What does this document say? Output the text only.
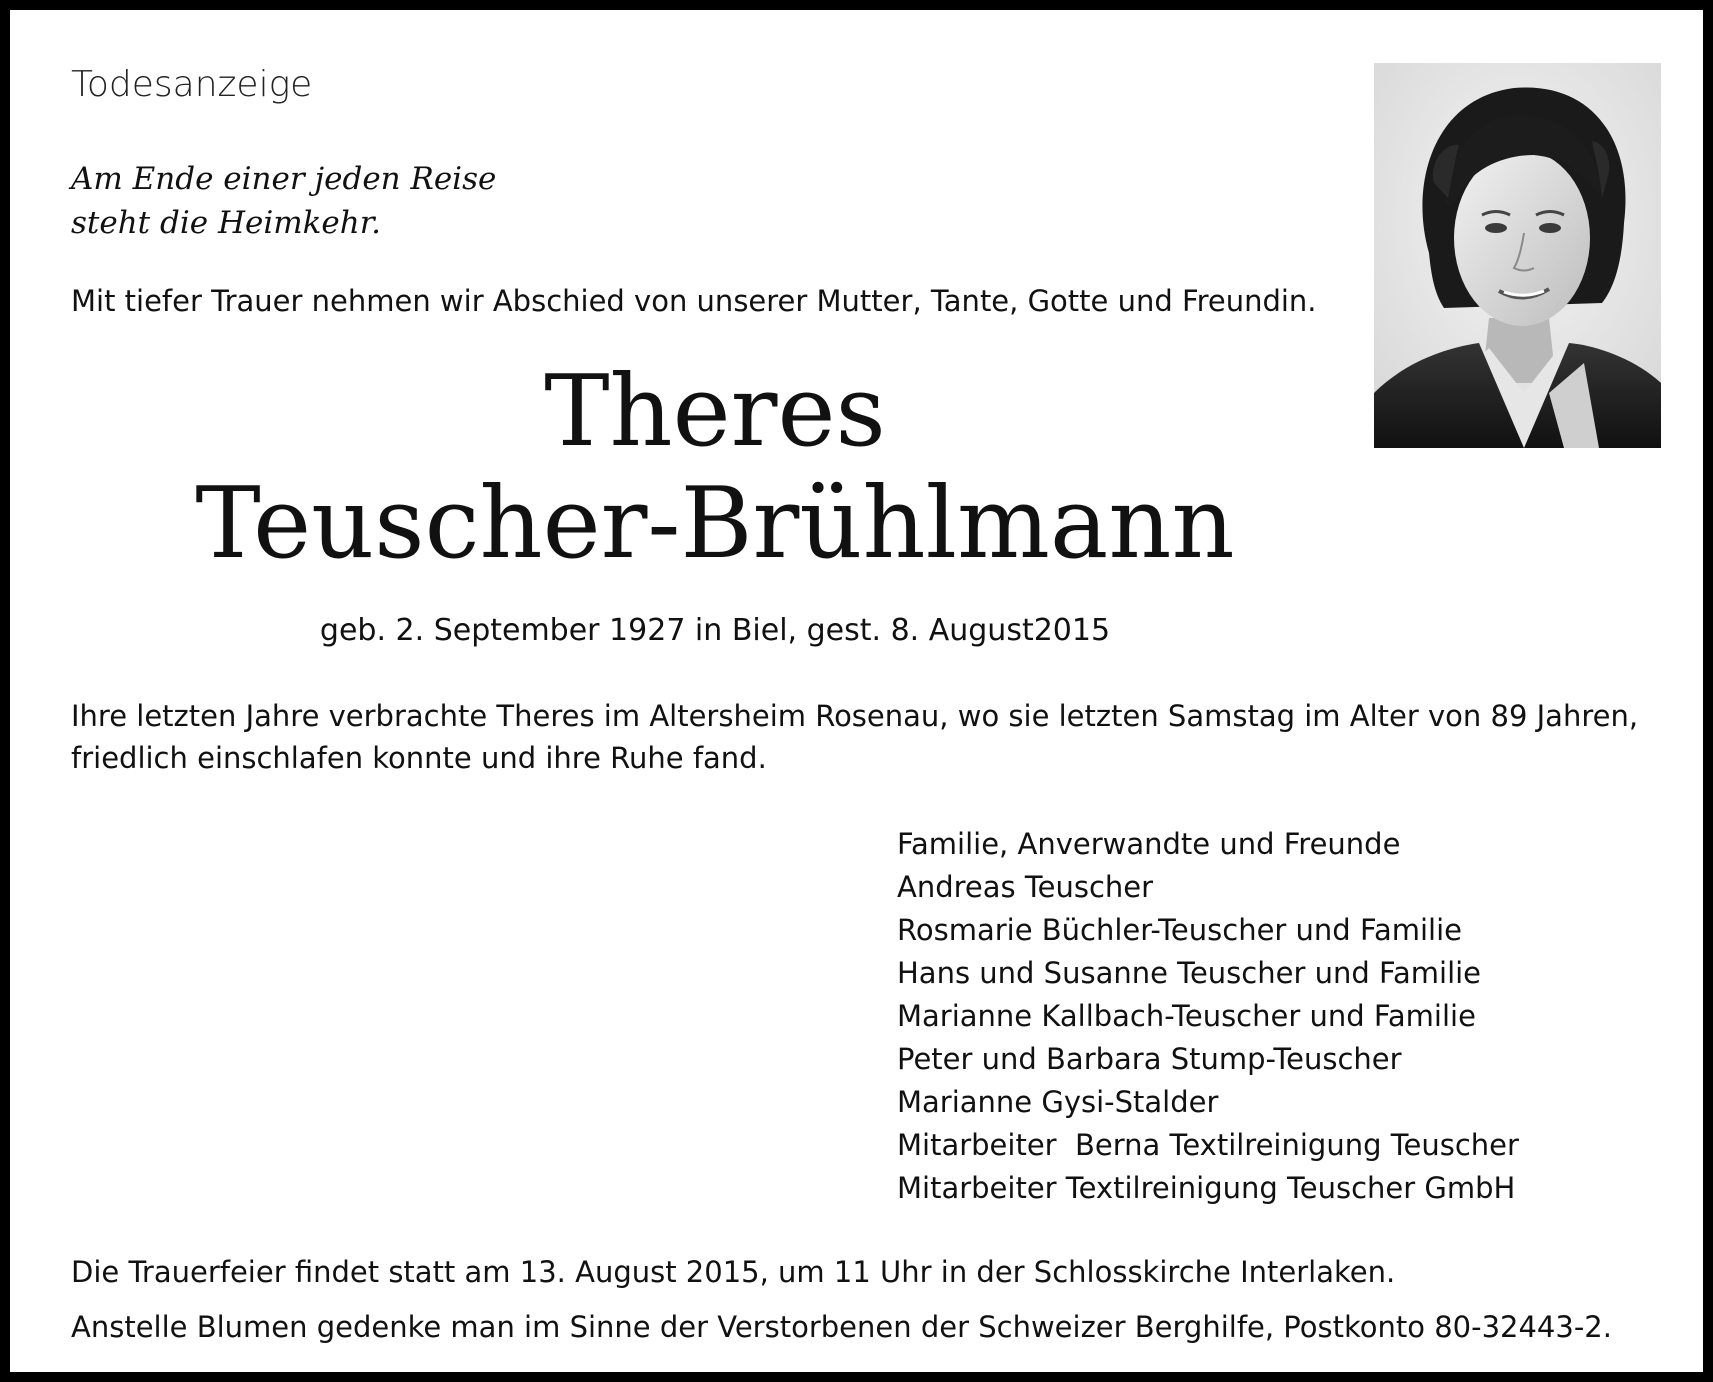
Todesanzeige
Am Ende einer jeden Reise
steht die Heimkehr.
Mit tiefer Trauer nehmen wir Abschied von unserer Mutter, Tante, Gotte und Freundin.
Theres
Teuscher-Brühlmann
geb. 2. September 1927 in Biel, gest. 8. August2015
Ihre letzten Jahre verbrachte Theres im Altersheim Rosenau, wo sie letzten Samstag im Alter von 89 Jahren,
friedlich einschlafen konnte und ihre Ruhe fand.
Familie, Anverwandte und Freunde
Andreas Teuscher
Rosmarie Büchler-Teuscher und Familie
Hans und Susanne Teuscher und Familie
Marianne Kallbach-Teuscher und Familie
Peter und Barbara Stump-Teuscher
Marianne Gysi-Stalder
Mitarbeiter  Berna Textilreinigung Teuscher
Mitarbeiter Textilreinigung Teuscher GmbH
Die Trauerfeier findet statt am 13. August 2015, um 11 Uhr in der Schlosskirche Interlaken.
Anstelle Blumen gedenke man im Sinne der Verstorbenen der Schweizer Berghilfe, Postkonto 80-32443-2.
